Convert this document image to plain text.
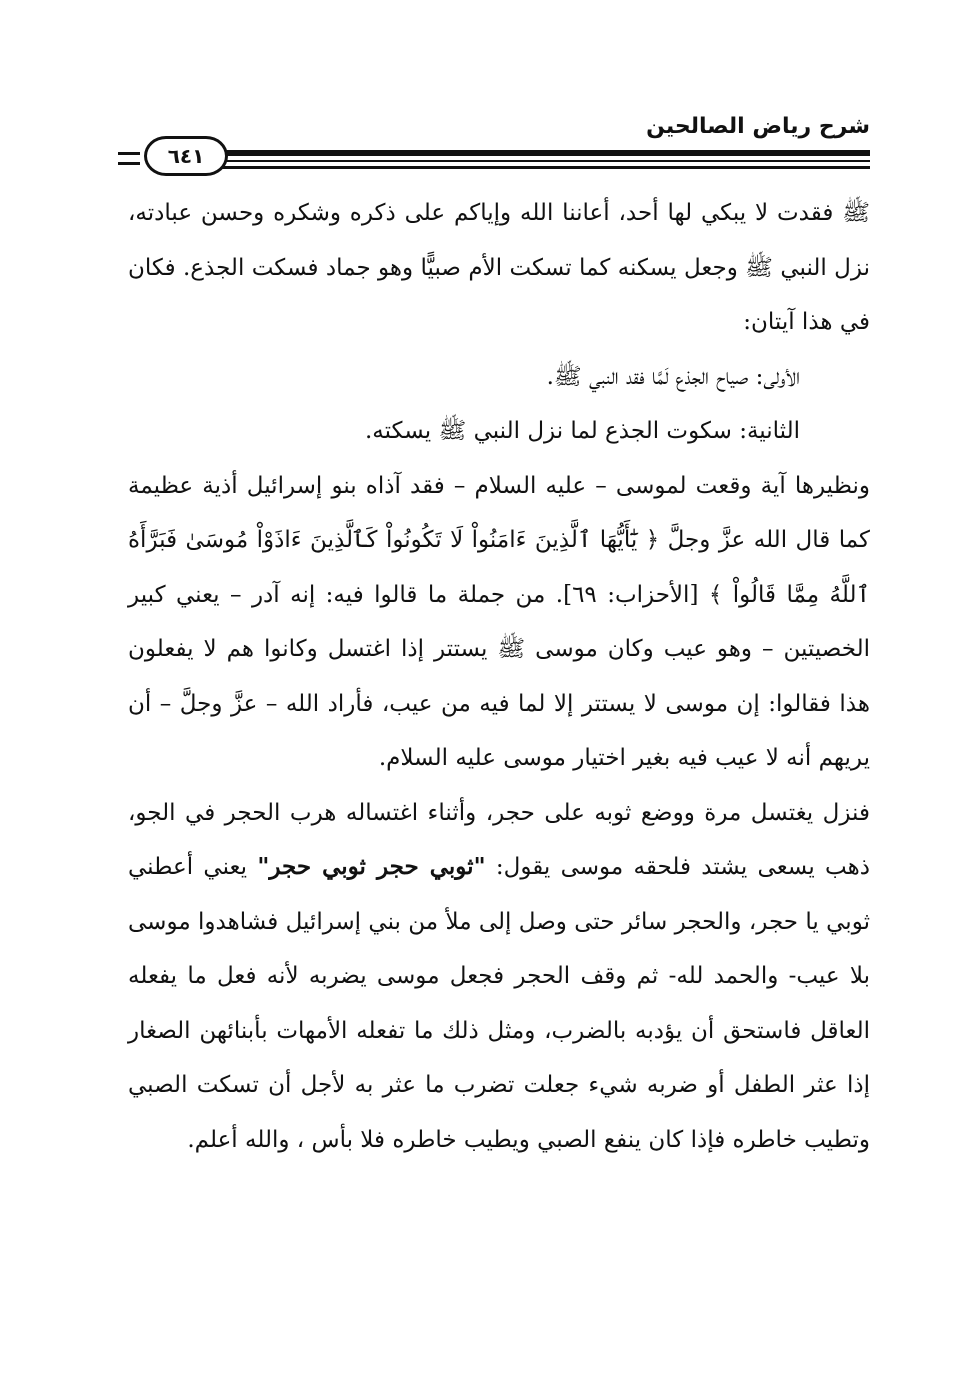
شرح رياض الصالحين
٦٤١

ﷺ فقدت لا يبكي لها أحد، أعاننا الله وإياكم على ذكره وشكره وحسن عبادته، نزل النبي ﷺ وجعل يسكنه كما تسكت الأم صبيًّا وهو جماد فسكت الجذع. فكان في هذا آيتان:

الأولى: صياح الجذع لَمَّا فقد النبي ﷺ.

الثانية: سكوت الجذع لما نزل النبي ﷺ يسكته.

ونظيرها آية وقعت لموسى – عليه السلام – فقد آذاه بنو إسرائيل أذية عظيمة كما قال الله عزَّ وجلَّ ﴿ يَٰٓأَيُّهَا ٱلَّذِينَ ءَامَنُواْ لَا تَكُونُواْ كَٱلَّذِينَ ءَاذَوْاْ مُوسَىٰ فَبَرَّأَهُ ٱللَّهُ مِمَّا قَالُواْ ﴾ [الأحزاب: ٦٩]. من جملة ما قالوا فيه: إنه آدر – يعني كبير الخصيتين – وهو عيب وكان موسى ﷺ يستتر إذا اغتسل وكانوا هم لا يفعلون هذا فقالوا: إن موسى لا يستتر إلا لما فيه من عيب، فأراد الله – عزَّ وجلَّ – أن يريهم أنه لا عيب فيه بغير اختيار موسى عليه السلام.

فنزل يغتسل مرة ووضع ثوبه على حجر، وأثناء اغتساله هرب الحجر في الجو، ذهب يسعى يشتد فلحقه موسى يقول: "ثوبي حجر ثوبي حجر" يعني أعطني ثوبي يا حجر، والحجر سائر حتى وصل إلى ملأ من بني إسرائيل فشاهدوا موسى بلا عيب- والحمد لله- ثم وقف الحجر فجعل موسى يضربه لأنه فعل ما يفعله العاقل فاستحق أن يؤدبه بالضرب، ومثل ذلك ما تفعله الأمهات بأبنائهن الصغار إذا عثر الطفل أو ضربه شيء جعلت تضرب ما عثر به لأجل أن تسكت الصبي وتطيب خاطره فإذا كان ينفع الصبي ويطيب خاطره فلا بأس ، والله أعلم.
